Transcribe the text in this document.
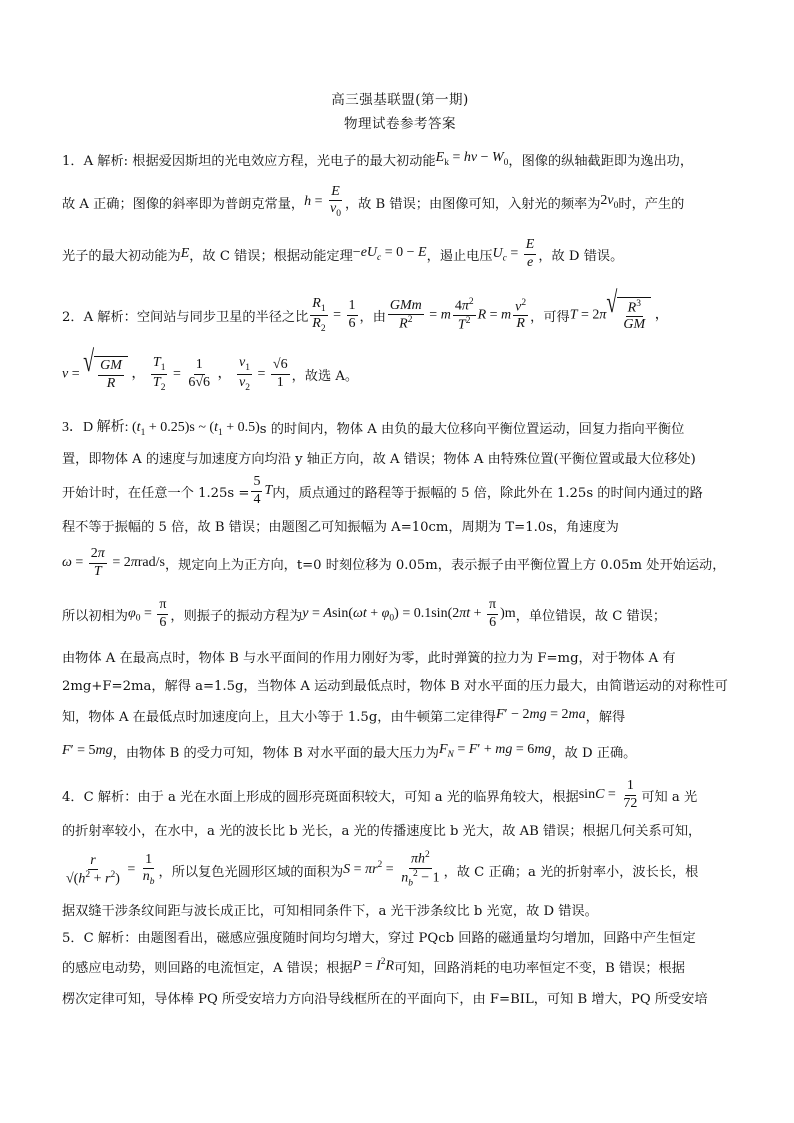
高三强基联盟(第一期)
物理试卷参考答案
1．A 解析: 根据爱因斯坦的光电效应方程，光电子的最大初动能 $E_k = h\nu - W_0$ ，图像的纵轴截距即为逸出功，
故 A 正确；图像的斜率即为普朗克常量， $h = \frac{E}{\nu_0}$ ，故 B 错误；由图像可知，入射光的频率为 $2\nu_0$ 时，产生的
光子的最大初动能为 E ，故 C 错误；根据动能定理 $-eU_c = 0 - E$ ，遏止电压 $U_c = \frac{E}{e}$ ，故 D 错误。
2．A 解析：空间站与同步卫星的半径之比 $\frac{R_1}{R_2} = \frac{1}{6}$ ，由 $\frac{\text{GMm}}{R^2} = m \frac{4\pi^2}{T^2}$ R = m $\frac{v^2}{R}$ ，可得 T = 2π √ $\frac{R^3}{GM}$ ，
v = √ $\frac{GM}{R}$ ， $\frac{T_1}{T_2} = \frac{1}{6√6}$ ， $\frac{v_1}{v_2} = \frac{√6}{1}$ ，故选 A。
3．D 解析: $(t_1 + 0.25)s$ ~ $(t_1 + 0.5)$ s 的时间内，物体 A 由负的最大位移向平衡位置运动，回复力指向平衡位
置，即物体 A 的速度与加速度方向均沿 y 轴正方向，故 A 错误；物体 A 由特殊位置(平衡位置或最大位移处)
开始计时，在任意一个 $1.25s = \frac{5}{4}$ T 内，质点通过的路程等于振幅的 5 倍，除此外在 1.25s 的时间内通过的路
程不等于振幅的 5 倍，故 B 错误；由题图乙可知振幅为 A=10cm，周期为 T=1.0s，角速度为
$\omega = \frac{2\pi}{T} = 2\pi rad/s$ ，规定向上为正方向，t=0 时刻位移为 0.05m，表示振子由平衡位置上方 0.05m 处开始运动，
所以初相为 $\varphi_0 = \frac{\pi}{6}$ ，则振子的振动方程为 $y = Asin(\omega t + \varphi_0) = 0.1\sin(2\pi t + \frac{\pi}{6} )m$ ，单位错误，故 C 错误；
由物体 A 在最高点时，物体 B 与水平面间的作用力刚好为零，此时弹簧的拉力为 F=mg，对于物体 A 有
2mg+F=2ma，解得 a=1.5g，当物体 A 运动到最低点时，物体 B 对水平面的压力最大，由简谐运动的对称性可
知，物体 A 在最低点时加速度向上，且大小等于 1.5g，由牛顿第二定律得 F′ − 2mg = 2ma ，解得
F′ = 5mg ，由物体 B 的受力可知，物体 B 对水平面的最大压力为 $F_N = F'$ + mg = 6mg ，故 D 正确。
4．C 解析：由于 a 光在水面上形成的圆形亮斑面积较大，可知 a 光的临界角较大，根据 $\sin C = \frac{1}{72}$ 可知 a 光
的折射率较小，在水中，a 光的波长比 b 光长，a 光的传播速度比 b 光大，故 AB 错误；根据几何关系可知，
$\frac{r}{√(h^2 + r^2)} = \frac{1}{n_b}$ ，所以复色光圆形区域的面积为 $S = \pi r^2 = \frac{\pi h^2}{n_b^2 - 1}$ ，故 C 正确；a 光的折射率小，波长长，根
据双缝干涉条纹间距与波长成正比，可知相同条件下，a 光干涉条纹比 b 光宽，故 D 错误。
5．C 解析：由题图看出，磁感应强度随时间均匀增大，穿过 PQcb 回路的磁通量均匀增加，回路中产生恒定
的感应电动势，则回路的电流恒定，A 错误；根据 $P = I^2R$ 可知，回路消耗的电功率恒定不变，B 错误；根据
楞次定律可知，导体棒 PQ 所受安培力方向沿导线框所在的平面向下，由 F=BIL，可知 B 增大，PQ 所受安培
